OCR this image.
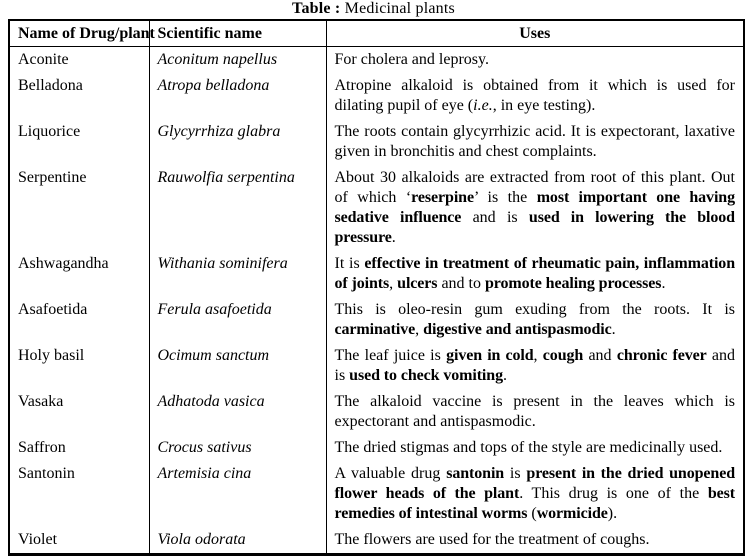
Table : Medicinal plants
Name of Drug/plant	Scientific name	Uses
Aconite	Aconitum napellus	For cholera and leprosy.
Belladona	Atropa belladona	Atropine alkaloid is obtained from it which is used for dilating pupil of eye (i.e., in eye testing).
Liquorice	Glycyrrhiza glabra	The roots contain glycyrrhizic acid. It is expectorant, laxative given in bronchitis and chest complaints.
Serpentine	Rauwolfia serpentina	About 30 alkaloids are extracted from root of this plant. Out of which ‘reserpine’ is the most important one having sedative influence and is used in lowering the blood pressure.
Ashwagandha	Withania sominifera	It is effective in treatment of rheumatic pain, inflammation of joints, ulcers and to promote healing processes.
Asafoetida	Ferula asafoetida	This is oleo-resin gum exuding from the roots. It is carminative, digestive and antispasmodic.
Holy basil	Ocimum sanctum	The leaf juice is given in cold, cough and chronic fever and is used to check vomiting.
Vasaka	Adhatoda vasica	The alkaloid vaccine is present in the leaves which is expectorant and antispasmodic.
Saffron	Crocus sativus	The dried stigmas and tops of the style are medicinally used.
Santonin	Artemisia cina	A valuable drug santonin is present in the dried unopened flower heads of the plant. This drug is one of the best remedies of intestinal worms (wormicide).
Violet	Viola odorata	The flowers are used for the treatment of coughs.
